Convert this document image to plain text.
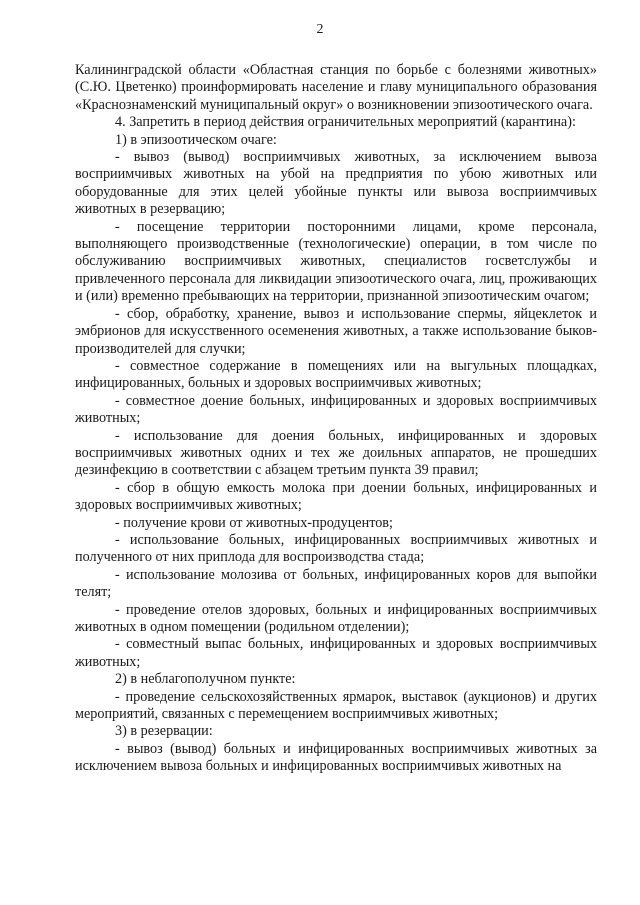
2

Калининградской области «Областная станция по борьбе с болезнями животных» (С.Ю. Цветенко) проинформировать население и главу муниципального образования «Краснознаменский муниципальный округ» о возникновении эпизоотического очага.

4. Запретить в период действия ограничительных мероприятий (карантина):

1) в эпизоотическом очаге:

- вывоз (вывод) восприимчивых животных, за исключением вывоза восприимчивых животных на убой на предприятия по убою животных или оборудованные для этих целей убойные пункты или вывоза восприимчивых животных в резервацию;

- посещение территории посторонними лицами, кроме персонала, выполняющего производственные (технологические) операции, в том числе по обслуживанию восприимчивых животных, специалистов госветслужбы и привлеченного персонала для ликвидации эпизоотического очага, лиц, проживающих и (или) временно пребывающих на территории, признанной эпизоотическим очагом;

- сбор, обработку, хранение, вывоз и использование спермы, яйцеклеток и эмбрионов для искусственного осеменения животных, а также использование быков-производителей для случки;

- совместное содержание в помещениях или на выгульных площадках, инфицированных, больных и здоровых восприимчивых животных;

- совместное доение больных, инфицированных и здоровых восприимчивых животных;

- использование для доения больных, инфицированных и здоровых восприимчивых животных одних и тех же доильных аппаратов, не прошедших дезинфекцию в соответствии с абзацем третьим пункта 39 правил;

- сбор в общую емкость молока при доении больных, инфицированных и здоровых восприимчивых животных;

- получение крови от животных-продуцентов;

- использование больных, инфицированных восприимчивых животных и полученного от них приплода для воспроизводства стада;

- использование молозива от больных, инфицированных коров для выпойки телят;

- проведение отелов здоровых, больных и инфицированных восприимчивых животных в одном помещении (родильном отделении);

- совместный выпас больных, инфицированных и здоровых восприимчивых животных;

2) в неблагополучном пункте:

- проведение сельскохозяйственных ярмарок, выставок (аукционов) и других мероприятий, связанных с перемещением восприимчивых животных;

3) в резервации:

- вывоз (вывод) больных и инфицированных восприимчивых животных за исключением вывоза больных и инфицированных восприимчивых животных на
